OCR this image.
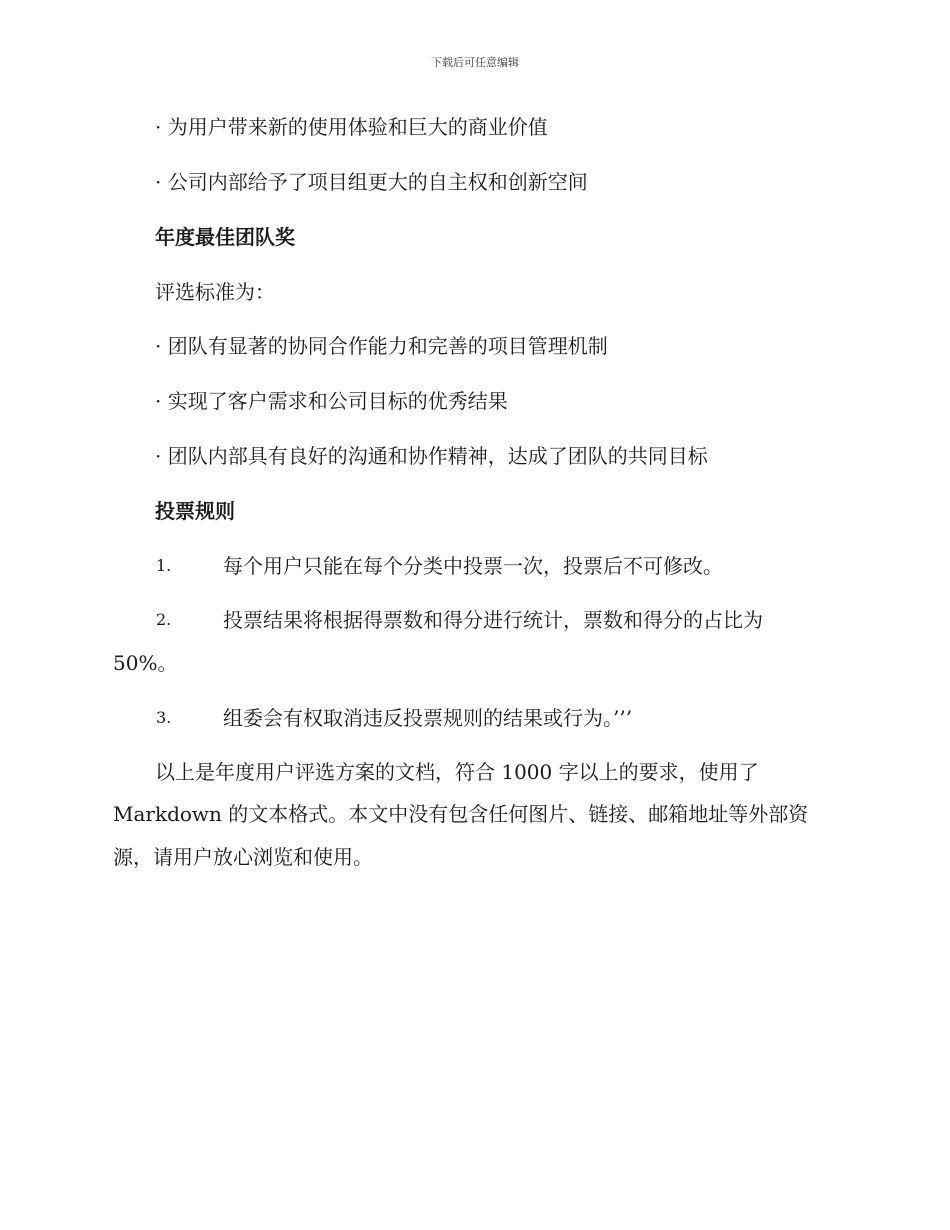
下载后可任意编辑
· 为用户带来新的使用体验和巨大的商业价值
· 公司内部给予了项目组更大的自主权和创新空间
年度最佳团队奖
评选标准为：
· 团队有显著的协同合作能力和完善的项目管理机制
· 实现了客户需求和公司目标的优秀结果
· 团队内部具有良好的沟通和协作精神，达成了团队的共同目标
投票规则
1.	每个用户只能在每个分类中投票一次，投票后不可修改。
2.	投票结果将根据得票数和得分进行统计，票数和得分的占比为
50%。
3.	组委会有权取消违反投票规则的结果或行为。’’’
以上是年度用户评选方案的文档，符合 1000 字以上的要求，使用了
Markdown 的文本格式。本文中没有包含任何图片、链接、邮箱地址等外部资
源，请用户放心浏览和使用。
